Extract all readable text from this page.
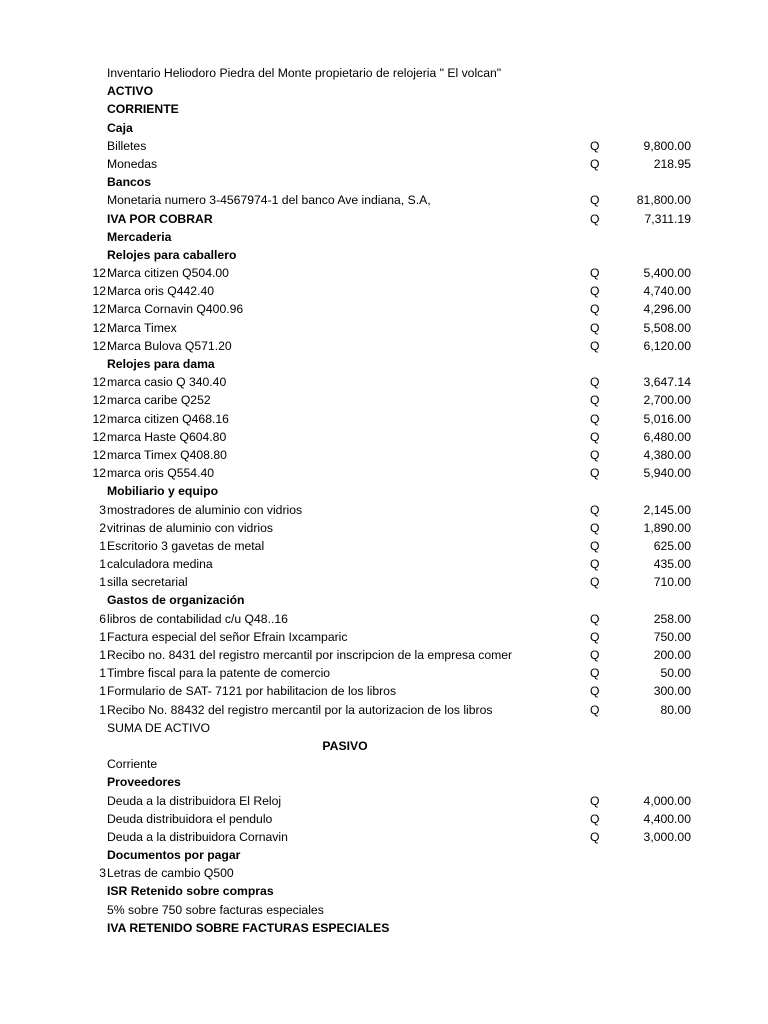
Inventario Heliodoro Piedra del Monte propietario de relojeria " El volcan"
ACTIVO
CORRIENTE
Caja
Billetes	Q	9,800.00
Monedas	Q	218.95
Bancos
Monetaria numero 3-4567974-1 del banco Ave indiana, S.A,	Q	81,800.00
IVA POR COBRAR	Q	7,311.19
Mercaderia
Relojes para caballero
12 Marca citizen Q504.00	Q	5,400.00
12 Marca oris Q442.40	Q	4,740.00
12 Marca Cornavin Q400.96	Q	4,296.00
12 Marca Timex	Q	5,508.00
12 Marca Bulova Q571.20	Q	6,120.00
Relojes para dama
12 marca casio Q 340.40	Q	3,647.14
12 marca caribe Q252	Q	2,700.00
12 marca citizen Q468.16	Q	5,016.00
12 marca Haste Q604.80	Q	6,480.00
12 marca Timex Q408.80	Q	4,380.00
12 marca oris Q554.40	Q	5,940.00
Mobiliario y equipo
3 mostradores de aluminio con vidrios	Q	2,145.00
2 vitrinas de aluminio con vidrios	Q	1,890.00
1 Escritorio 3 gavetas de metal	Q	625.00
1 calculadora medina	Q	435.00
1 silla secretarial	Q	710.00
Gastos de organización
6 libros de contabilidad c/u Q48..16	Q	258.00
1 Factura especial del señor Efrain Ixcamparic	Q	750.00
1 Recibo no. 8431 del registro mercantil por inscripcion de la empresa comer	Q	200.00
1 Timbre fiscal para la patente de comercio	Q	50.00
1 Formulario de SAT- 7121 por habilitacion de los libros	Q	300.00
1 Recibo No. 88432 del registro mercantil por la autorizacion de los libros	Q	80.00
SUMA DE ACTIVO
PASIVO
Corriente
Proveedores
Deuda a la distribuidora El Reloj	Q	4,000.00
Deuda distribuidora el pendulo	Q	4,400.00
Deuda a la distribuidora Cornavin	Q	3,000.00
Documentos por pagar
3 Letras de cambio Q500
ISR Retenido sobre compras
5% sobre 750 sobre facturas especiales
IVA RETENIDO SOBRE FACTURAS ESPECIALES
